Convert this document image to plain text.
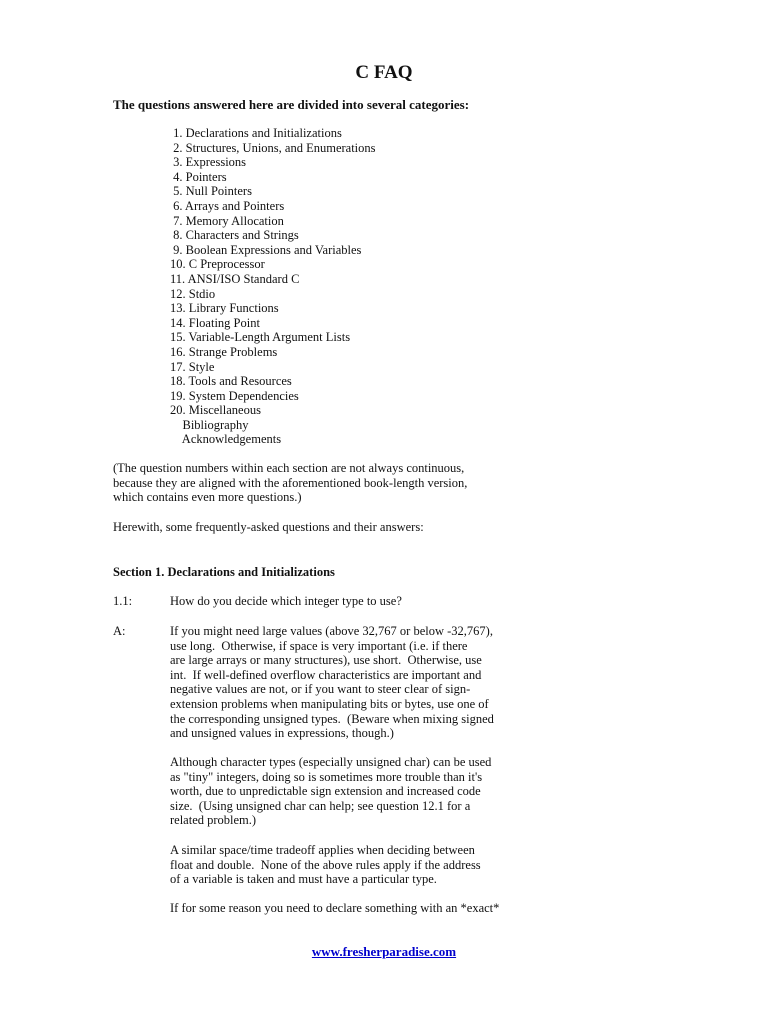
C FAQ

The questions answered here are divided into several categories:

1. Declarations and Initializations
2. Structures, Unions, and Enumerations
3. Expressions
4. Pointers
5. Null Pointers
6. Arrays and Pointers
7. Memory Allocation
8. Characters and Strings
9. Boolean Expressions and Variables
10. C Preprocessor
11. ANSI/ISO Standard C
12. Stdio
13. Library Functions
14. Floating Point
15. Variable-Length Argument Lists
16. Strange Problems
17. Style
18. Tools and Resources
19. System Dependencies
20. Miscellaneous
Bibliography
Acknowledgements

(The question numbers within each section are not always continuous, because they are aligned with the aforementioned book-length version, which contains even more questions.)

Herewith, some frequently-asked questions and their answers:

Section 1. Declarations and Initializations

1.1:	How do you decide which integer type to use?

A:	If you might need large values (above 32,767 or below -32,767),
use long.  Otherwise, if space is very important (i.e. if there
are large arrays or many structures), use short.  Otherwise, use
int.  If well-defined overflow characteristics are important and
negative values are not, or if you want to steer clear of sign-
extension problems when manipulating bits or bytes, use one of
the corresponding unsigned types.  (Beware when mixing signed
and unsigned values in expressions, though.)

Although character types (especially unsigned char) can be used
as "tiny" integers, doing so is sometimes more trouble than it's
worth, due to unpredictable sign extension and increased code
size.  (Using unsigned char can help; see question 12.1 for a
related problem.)

A similar space/time tradeoff applies when deciding between
float and double.  None of the above rules apply if the address
of a variable is taken and must have a particular type.

If for some reason you need to declare something with an *exact*

www.fresherparadise.com
